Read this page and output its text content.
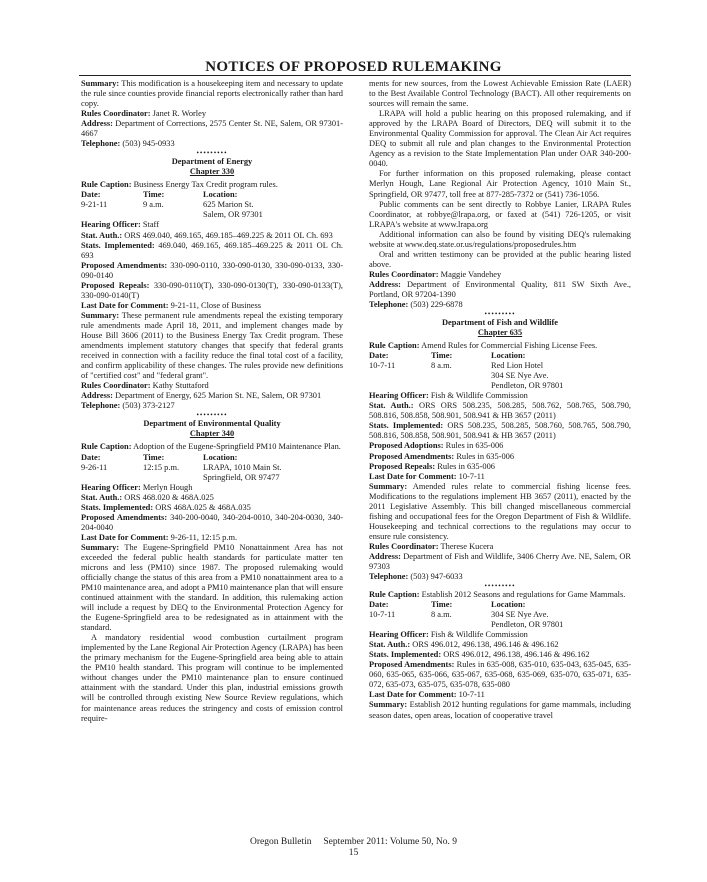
NOTICES OF PROPOSED RULEMAKING

Summary: This modification is a housekeeping item and necessary to update the rule since counties provide financial reports electronically rather than hard copy.

Rules Coordinator: Janet R. Worley

Address: Department of Corrections, 2575 Center St. NE, Salem, OR 97301-4667

Telephone: (503) 945-0933

•••••••••
Department of Energy
Chapter 330

Rule Caption: Business Energy Tax Credit program rules.

Date:	Time:	Location:
9-21-11	9 a.m.	625 Marion St.
		Salem, OR 97301

Hearing Officer: Staff

Stat. Auth.: ORS 469.040, 469.165, 469.185–469.225 & 2011 OL Ch. 693

Stats. Implemented: 469.040, 469.165, 469.185–469.225 & 2011 OL Ch. 693

Proposed Amendments: 330-090-0110, 330-090-0130, 330-090-0133, 330-090-0140

Proposed Repeals: 330-090-0110(T), 330-090-0130(T), 330-090-0133(T), 330-090-0140(T)

Last Date for Comment: 9-21-11, Close of Business

Summary: These permanent rule amendments repeal the existing temporary rule amendments made April 18, 2011, and implement changes made by House Bill 3606 (2011) to the Business Energy Tax Credit program. These amendments implement statutory changes that specify that federal grants received in connection with a facility reduce the final total cost of a facility, and confirm applicability of these changes. The rules provide new definitions of "certified cost" and "federal grant".

Rules Coordinator: Kathy Stuttaford

Address: Department of Energy, 625 Marion St. NE, Salem, OR 97301

Telephone: (503) 373-2127

•••••••••
Department of Environmental Quality
Chapter 340

Rule Caption: Adoption of the Eugene-Springfield PM10 Maintenance Plan.

Date:	Time:	Location:
9-26-11	12:15 p.m.	LRAPA, 1010 Main St.
		Springfield, OR 97477

Hearing Officer: Merlyn Hough

Stat. Auth.: ORS 468.020 & 468A.025

Stats. Implemented: ORS 468A.025 & 468A.035

Proposed Amendments: 340-200-0040, 340-204-0010, 340-204-0030, 340-204-0040

Last Date for Comment: 9-26-11, 12:15 p.m.

Summary: The Eugene-Springfield PM10 Nonattainment Area has not exceeded the federal public health standards for particulate matter ten microns and less (PM10) since 1987. The proposed rulemaking would officially change the status of this area from a PM10 nonattainment area to a PM10 maintenance area, and adopt a PM10 maintenance plan that will ensure continued attainment with the standard. In addition, this rulemaking action will include a request by DEQ to the Environmental Protection Agency for the Eugene-Springfield area to be redesignated as in attainment with the standard.

A mandatory residential wood combustion curtailment program implemented by the Lane Regional Air Protection Agency (LRAPA) has been the primary mechanism for the Eugene-Springfield area being able to attain the PM10 health standard. This program will continue to be implemented without changes under the PM10 maintenance plan to ensure continued attainment with the standard. Under this plan, industrial emissions growth will be controlled through existing New Source Review regulations, which for maintenance areas reduces the stringency and costs of emission control require-

ments for new sources, from the Lowest Achievable Emission Rate (LAER) to the Best Available Control Technology (BACT). All other requirements on sources will remain the same.

LRAPA will hold a public hearing on this proposed rulemaking, and if approved by the LRAPA Board of Directors, DEQ will submit it to the Environmental Quality Commission for approval. The Clean Air Act requires DEQ to submit all rule and plan changes to the Environmental Protection Agency as a revision to the State Implementation Plan under OAR 340-200-0040.

For further information on this proposed rulemaking, please contact Merlyn Hough, Lane Regional Air Protection Agency, 1010 Main St., Springfield, OR 97477, toll free at 877-285-7372 or (541) 736-1056.

Public comments can be sent directly to Robbye Lanier, LRAPA Rules Coordinator, at robbye@lrapa.org, or faxed at (541) 726-1205, or visit LRAPA's website at www.lrapa.org

Additional information can also be found by visiting DEQ's rulemaking website at www.deq.state.or.us/regulations/proposedrules.htm

Oral and written testimony can be provided at the public hearing listed above.

Rules Coordinator: Maggie Vandehey

Address: Department of Environmental Quality, 811 SW Sixth Ave., Portland, OR 97204-1390

Telephone: (503) 229-6878

•••••••••
Department of Fish and Wildlife
Chapter 635

Rule Caption: Amend Rules for Commercial Fishing License Fees.

Date:	Time:	Location:
10-7-11	8 a.m.	Red Lion Hotel
		304 SE Nye Ave.
		Pendleton, OR 97801

Hearing Officer: Fish & Wildlife Commission

Stat. Auth.: ORS ORS 508.235, 508.285, 508.762, 508.765, 508.790, 508.816, 508.858, 508.901, 508.941 & HB 3657 (2011)

Stats. Implemented: ORS 508.235, 508.285, 508.760, 508.765, 508.790, 508.816, 508.858, 508.901, 508.941 & HB 3657 (2011)

Proposed Adoptions: Rules in 635-006

Proposed Amendments: Rules in 635-006

Proposed Repeals: Rules in 635-006

Last Date for Comment: 10-7-11

Summary: Amended rules relate to commercial fishing license fees. Modifications to the regulations implement HB 3657 (2011), enacted by the 2011 Legislative Assembly. This bill changed miscellaneous commercial fishing and occupational fees for the Oregon Department of Fish & Wildlife. Housekeeping and technical corrections to the regulations may occur to ensure rule consistency.

Rules Coordinator: Therese Kucera

Address: Department of Fish and Wildlife, 3406 Cherry Ave. NE, Salem, OR 97303

Telephone: (503) 947-6033

•••••••••

Rule Caption: Establish 2012 Seasons and regulations for Game Mammals.

Date:	Time:	Location:
10-7-11	8 a.m.	304 SE Nye Ave.
		Pendleton, OR 97801

Hearing Officer: Fish & Wildlife Commission

Stat. Auth.: ORS 496.012, 496.138, 496.146 & 496.162

Stats. Implemented: ORS 496.012, 496.138, 496.146 & 496.162

Proposed Amendments: Rules in 635-008, 635-010, 635-043, 635-045, 635-060, 635-065, 635-066, 635-067, 635-068, 635-069, 635-070, 635-071, 635-072, 635-073, 635-075, 635-078, 635-080

Last Date for Comment: 10-7-11

Summary: Establish 2012 hunting regulations for game mammals, including season dates, open areas, location of cooperative travel

Oregon Bulletin     September 2011: Volume 50, No. 9
15
